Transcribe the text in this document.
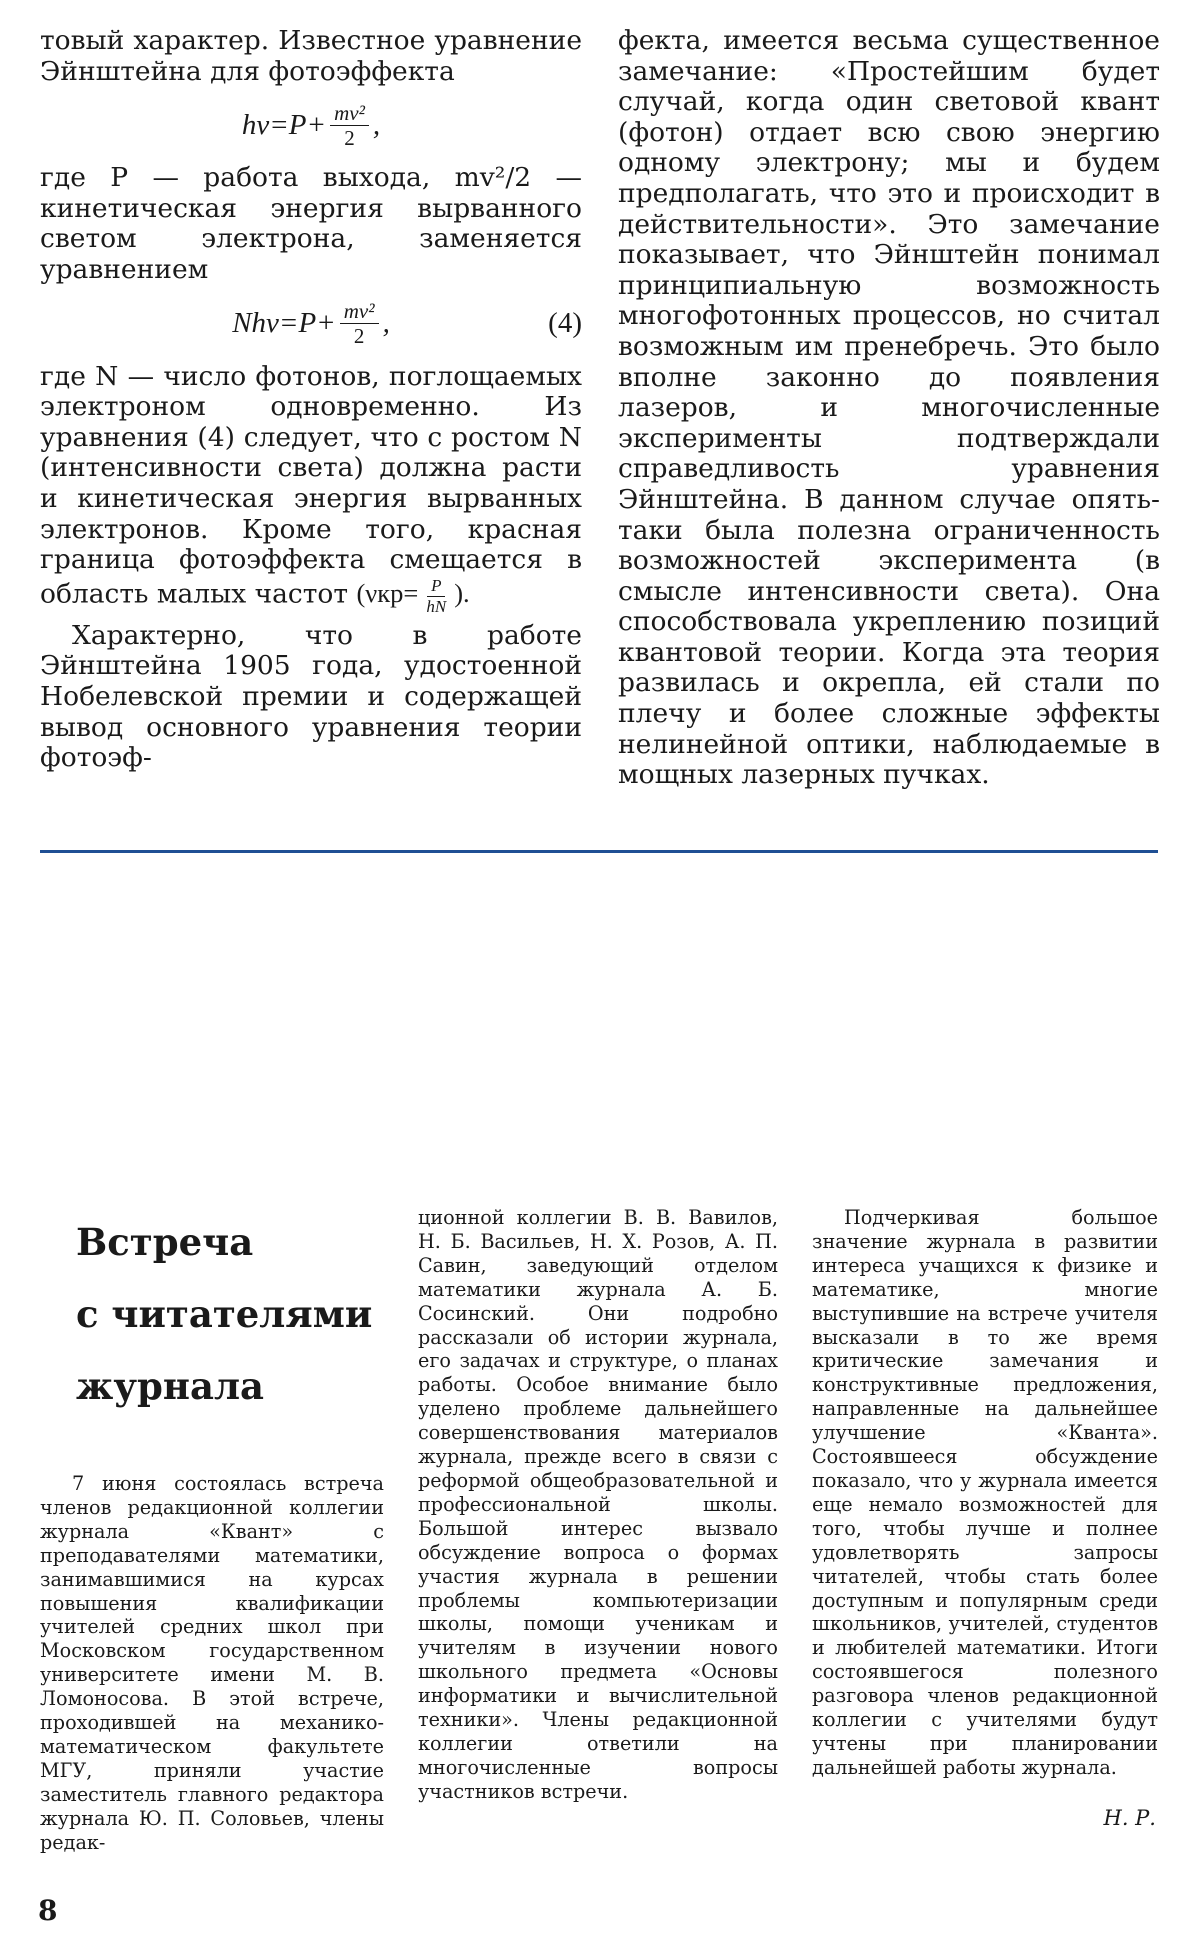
товый характер. Известное уравнение Эйнштейна для фотоэффекта

$h\nu=P+ \frac{\text{mv²}}{2}$ ,

где P — работа выхода, mv²/2 — кинетическая энергия вырванного светом электрона, заменяется уравнением

$Nh\nu=P+ \frac{\text{mv²}}{2}$ ,	(4)

где N — число фотонов, поглощаемых электроном одновременно. Из уравнения (4) следует, что с ростом N (интенсивности света) должна расти и кинетическая энергия вырванных электронов. Кроме того, красная граница фотоэффекта смещается в область малых частот ($\nu кр= \frac{P}{hN}$ ).

Характерно, что в работе Эйнштейна 1905 года, удостоенной Нобелевской премии и содержащей вывод основного уравнения теории фотоэф-

фекта, имеется весьма существенное замечание: «Простейшим будет случай, когда один световой квант (фотон) отдает всю свою энергию одному электрону; мы и будем предполагать, что это и происходит в действительности». Это замечание показывает, что Эйнштейн понимал принципиальную возможность многофотонных процессов, но считал возможным им пренебречь. Это было вполне законно до появления лазеров, и многочисленные эксперименты подтверждали справедливость уравнения Эйнштейна. В данном случае опять-таки была полезна ограниченность возможностей эксперимента (в смысле интенсивности света). Она способствовала укреплению позиций квантовой теории. Когда эта теория развилась и окрепла, ей стали по плечу и более сложные эффекты нелинейной оптики, наблюдаемые в мощных лазерных пучках.

Встреча
с читателями
журнала

7 июня состоялась встреча членов редакционной коллегии журнала «Квант» с преподавателями математики, занимавшимися на курсах повышения квалификации учителей средних школ при Московском государственном университете имени М. В. Ломоносова. В этой встрече, проходившей на механико-математическом факультете МГУ, приняли участие заместитель главного редактора журнала Ю. П. Соловьев, члены редак-

ционной коллегии В. В. Вавилов, Н. Б. Васильев, Н. Х. Розов, А. П. Савин, заведующий отделом математики журнала А. Б. Сосинский. Они подробно рассказали об истории журнала, его задачах и структуре, о планах работы. Особое внимание было уделено проблеме дальнейшего совершенствования материалов журнала, прежде всего в связи с реформой общеобразовательной и профессиональной школы. Большой интерес вызвало обсуждение вопроса о формах участия журнала в решении проблемы компьютеризации школы, помощи ученикам и учителям в изучении нового школьного предмета «Основы информатики и вычислительной техники». Члены редакционной коллегии ответили на многочисленные вопросы участников встречи.

Подчеркивая большое значение журнала в развитии интереса учащихся к физике и математике, многие выступившие на встрече учителя высказали в то же время критические замечания и конструктивные предложения, направленные на дальнейшее улучшение «Кванта». Состоявшееся обсуждение показало, что у журнала имеется еще немало возможностей для того, чтобы лучше и полнее удовлетворять запросы читателей, чтобы стать более доступным и популярным среди школьников, учителей, студентов и любителей математики. Итоги состоявшегося полезного разговора членов редакционной коллегии с учителями будут учтены при планировании дальнейшей работы журнала.

Н. Р.
8
